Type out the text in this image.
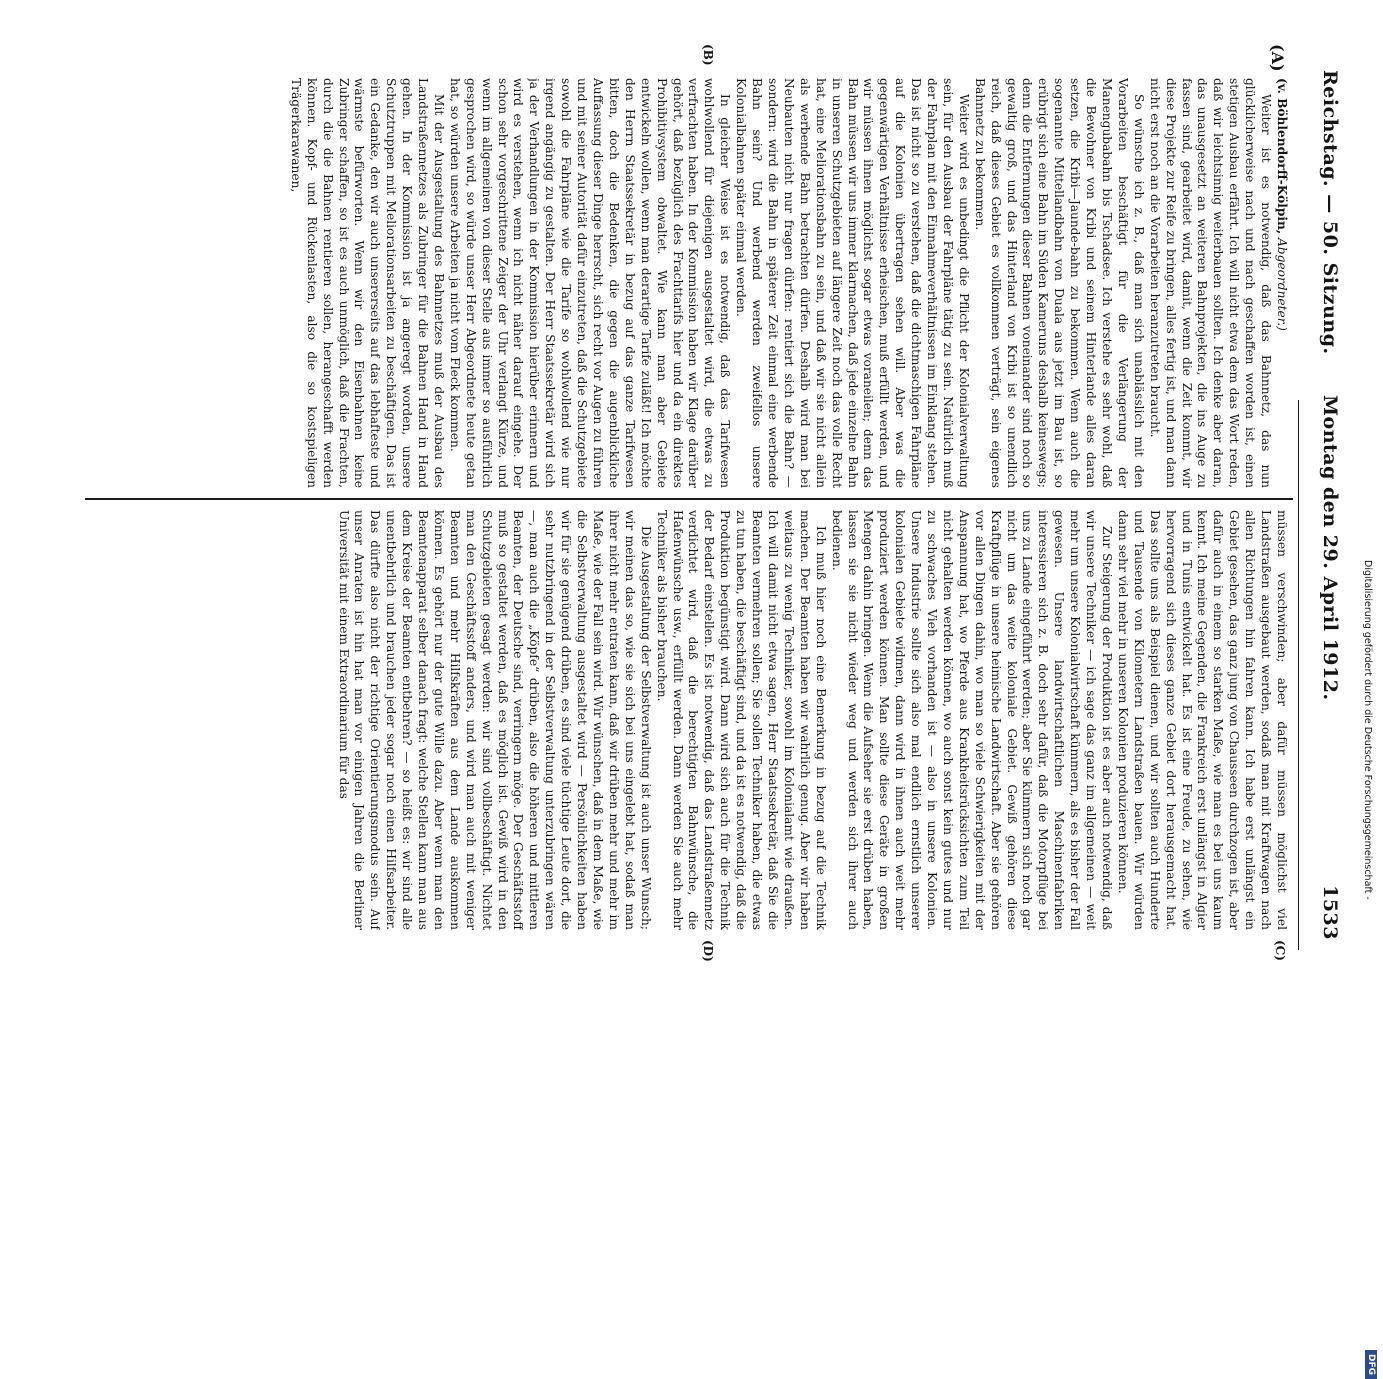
Reichstag. — 50. Sitzung.
Montag den 29. April 1912.
1533
(A)
(B)
(C)
(D)

(v. Böhlendorff-Kölpin, Abgeordneter.)

Weiter ist es notwendig, daß das Bahnnetz, das nun glücklicherweise nach und nach geschaffen worden ist, einen stetigen Ausbau erfährt. Ich will nicht etwa dem das Wort reden, daß wir leichtsinnig weiterbauen sollten. Ich denke aber daran, das unausgesetzt an weiteren Bahnprojekten, die ins Auge zu fassen sind, gearbeitet wird, damit, wenn die Zeit kommt, wir diese Projekte zur Reife zu bringen, alles fertig ist, und man dann nicht erst noch an die Vorarbeiten heranzutreten braucht.

So wünsche ich z. B., daß man sich unablässlich mit den Vorarbeiten beschäftigt für die Verlängerung der Manengubabahn bis Tschadsee. Ich verstehe es sehr wohl, daß die Bewohner von Kribi und seinem Hinterlande alles daran setzen, die Kribi—Jaunde-bahn zu bekommen. Wenn auch die sogenannte Mittellandbahn von Duala aus jetzt im Bau ist, so erübrigt sich eine Bahn im Süden Kameruns deshalb keineswegs; denn die Entfernungen dieser Bahnen voneinander sind noch so gewaltig groß, und das Hinterland von Kribi ist so unendlich reich, daß dieses Gebiet es vollkommen verträgt, sein eigenes Bahnnetz zu bekommen.

Weiter wird es unbedingt die Pflicht der Kolonialverwaltung sein, für den Ausbau der Fahrpläne tätig zu sein. Natürlich muß der Fahrplan mit den Einnahmeverhältnissen im Einklang stehen. Das ist nicht so zu verstehen, daß die dichtmaschigen Fahrpläne auf die Kolonien übertragen sehen will. Aber was die gegenwärtigen Verhältnisse erheischen, muß erfüllt werden, und wir müssen ihnen möglichst sogar etwas voraneilen; denn das Bahn müssen wir uns immer klarmachen, daß jede einzelne Bahn in unseren Schutzgebieten auf längere Zeit noch das volle Recht hat, eine Meliorationsbahn zu sein, und daß wir sie nicht allein als werbende Bahn betrachten dürfen. Deshalb wird man bei Neubauten nicht nur fragen dürfen: rentiert sich die Bahn? — sondern: wird die Bahn in späterer Zeit einmal eine werbende Bahn sein? Und werbend werden zweifellos unsere Kolonialbahnen später einmal werden.

In gleicher Weise ist es notwendig, daß das Tarifwesen wohlwollend für diejenigen ausgestaltet wird, die etwas zu verfrachten haben. In der Kommission haben wir Klage darüber gehört, daß bezüglich des Frachttarifs hier und da ein direktes Prohibitivsystem obwaltet. Wie kann man aber Gebiete entwickeln wollen, wenn man derartige Tarife zuläßt! Ich möchte den Herrn Staatssekretär in bezug auf das ganze Tarifwesen bitten, doch die Bedenken, die gegen die augenblickliche Auffassung dieser Dinge herrscht, sich recht vor Augen zu führen und mit seiner Autorität dafür einzutreten, daß die Schutzgebiete sowohl die Fahrpläne wie die Tarife so wohlwollend wie nur irgend angängig zu gestalten. Der Herr Staatssekretär wird sich ja der Verhandlungen in der Kommission hierüber erinnern und wird es verstehen, wenn ich nicht näher darauf eingehe. Der schon sehr vorgeschrittene Zeiger der Uhr verlangt Kürze, und wenn im allgemeinen von dieser Stelle aus immer so ausführlich gesprochen wird, so würde unser Herr Abgeordnete heute getan hat, so würden unsere Arbeiten ja nicht vom Fleck kommen.

Mit der Ausgestaltung des Bahnnetzes muß der Ausbau des Landstraßennetzes als Zubringer für die Bahnen Hand in Hand gehen. In der Kommission ist ja angeregt worden, unsere Schutztruppen mit Meliorationsarbeiten zu beschäftigen. Das ist ein Gedanke, den wir auch unsererseits auf das lebhafteste und wärmste befürworten. Wenn wir den Eisenbahnen keine Zubringer schaffen, so ist es auch unmöglich, daß die Frachten, durch die die Bahnen rentieren sollen, herangeschafft werden können. Kopf- und Rückenlasten, also die so kostspieligen Trägerkarawanen,

müssen verschwinden; aber dafür müssen möglichst viel Landstraßen ausgebaut werden, sodaß man mit Kraftwagen nach allen Richtungen hin fahren kann. Ich habe erst unlängst ein Gebiet gesehen, das ganz jung von Chausseen durchzogen ist, aber dafür auch in einem so starken Maße, wie man es bei uns kaum kennt. Ich meine Gegenden, die Frankreich erst unlängst in Algier und in Tunis entwickelt hat. Es ist eine Freude, zu sehen, wie hervorragend sich dieses ganze Gebiet dort herausgemacht hat. Das sollte uns als Beispiel dienen, und wir sollten auch Hunderte und Tausende von Kilometern Landstraßen bauen. Wir würden dann sehr viel mehr in unseren Kolonien produzieren können.

Zur Steigerung der Produktion ist es aber auch notwendig, daß wir unsere Techniker — ich sage das ganz im allgemeinen — weit mehr um unsere Kolonialwirtschaft kümmern, als es bisher der Fall gewesen. Unsere landwirtschaftlichen Maschinenfabriken interessieren sich z. B. doch sehr dafür, daß die Motorpflüge bei uns zu Lande eingeführt werden; aber Sie kümmern sich noch gar nicht um das weite koloniale Gebiet. Gewiß gehören diese Kraftpflüge in unsere heimische Landwirtschaft. Aber sie gehören vor allen Dingen dahin, wo man so viele Schwierigkeiten mit der Anspannung hat, wo Pferde aus Krankheitsrücksichten zum Teil nicht gehalten werden können, wo auch sonst kein gutes und nur zu schwaches Vieh vorhanden ist — also in unsere Kolonien. Unsere Industrie sollte sich also mal endlich ernstlich unserer kolonialen Gebiete widmen, dann wird in ihnen auch weit mehr produziert werden können. Man sollte diese Geräte in großen Mengen dahin bringen. Wenn die Aufseher sie erst drüben haben, lassen sie sie nicht wieder weg und werden sich ihrer auch bedienen.

Ich muß hier noch eine Bemerkung in bezug auf die Technik machen. Der Beamten haben wir wahrlich genug. Aber wir haben weitaus zu wenig Techniker, sowohl im Kolonialamt wie draußen. Ich will damit nicht etwa sagen, Herr Staatssekretär, daß Sie die Beamten vermehren sollen; Sie sollen Techniker haben, die etwas zu tun haben, die beschäftigt sind, und da ist es notwendig, daß die Produktion begünstigt wird. Dann wird sich auch für die Technik der Bedarf einstellen. Es ist notwendig, daß das Landstraßennetz verdichtet wird, daß die berechtigten Bahnwünsche, die Hafenwünsche usw., erfüllt werden. Dann werden Sie auch mehr Techniker als bisher brauchen.

Die Ausgestaltung der Selbstverwaltung ist auch unser Wunsch; wir meinen das so, wie sie sich bei uns eingelebt hat, sodaß man ihrer nicht mehr entraten kann, daß wir drüben mehr und mehr im Maße, wie der Fall sein wird. Wir wünschen, daß in dem Maße, wie die Selbstverwaltung ausgestaltet wird — Persönlichkeiten haben wir für sie genügend drüben, es sind viele tüchtige Leute dort, die sehr nutzbringend in der Selbstverwaltung unterzubringen wären —, man auch die „Köpfe“ drüben, also die höheren und mittleren Beamten, der Deutsche sind, verringern möge. Der Geschäftsstoff muß so gestaltet werden, daß es möglich ist. Gewiß wird in den Schutzgebieten gesagt werden: wir sind vollbeschäftigt. Nichtet man den Geschäftsstoff anders, und wird man auch mit weniger Beamten und mehr Hilfskräften aus dem Lande auskommen können. Es gehört nur der gute Wille dazu. Aber wenn man den Beamtenapparat selber danach fragt: welche Stellen kann man aus dem Kreise der Beamten entbehren? — so heißt es: wir sind alle unentbehrlich und brauchen jeder sogar noch einen Hilfsarbeiter. Das dürfte also nicht der richtige Orientierungsmodus sein. Auf unser Anraten ist hin hat man vor einigen Jahren die Berliner Universität mit einem Extraordinarium für das	Digitalisierung gefördert durch die Deutsche Forschungsgemeinschaft -
DFG
